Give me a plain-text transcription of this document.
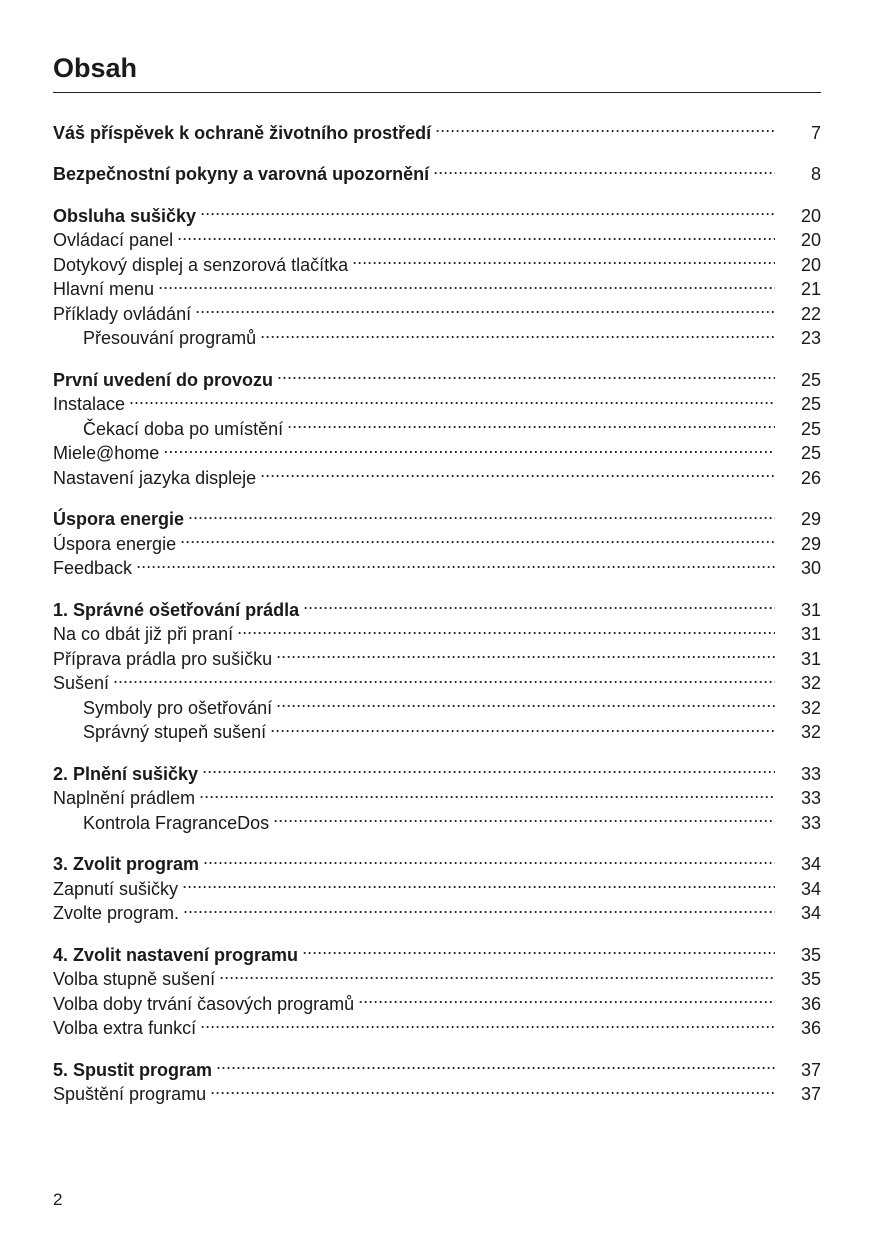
Obsah
Váš příspěvek k ochraně životního prostředí .....	7
Bezpečnostní pokyny a varovná upozornění .....	8
Obsluha sušičky .....	20
Ovládací panel .....	20
Dotykový displej a senzorová tlačítka .....	20
Hlavní menu .....	21
Příklady ovládání .....	22
Přesouvání programů .....	23
První uvedení do provozu .....	25
Instalace .....	25
Čekací doba po umístění .....	25
Miele@home .....	25
Nastavení jazyka displeje .....	26
Úspora energie .....	29
Úspora energie .....	29
Feedback .....	30
1. Správné ošetřování prádla .....	31
Na co dbát již při praní .....	31
Příprava prádla pro sušičku .....	31
Sušení .....	32
Symboly pro ošetřování .....	32
Správný stupeň sušení .....	32
2. Plnění sušičky .....	33
Naplnění prádlem .....	33
Kontrola FragranceDos .....	33
3. Zvolit program .....	34
Zapnutí sušičky .....	34
Zvolte program. .....	34
4. Zvolit nastavení programu .....	35
Volba stupně sušení .....	35
Volba doby trvání časových programů .....	36
Volba extra funkcí .....	36
5. Spustit program .....	37
Spuštění programu .....	37
2
